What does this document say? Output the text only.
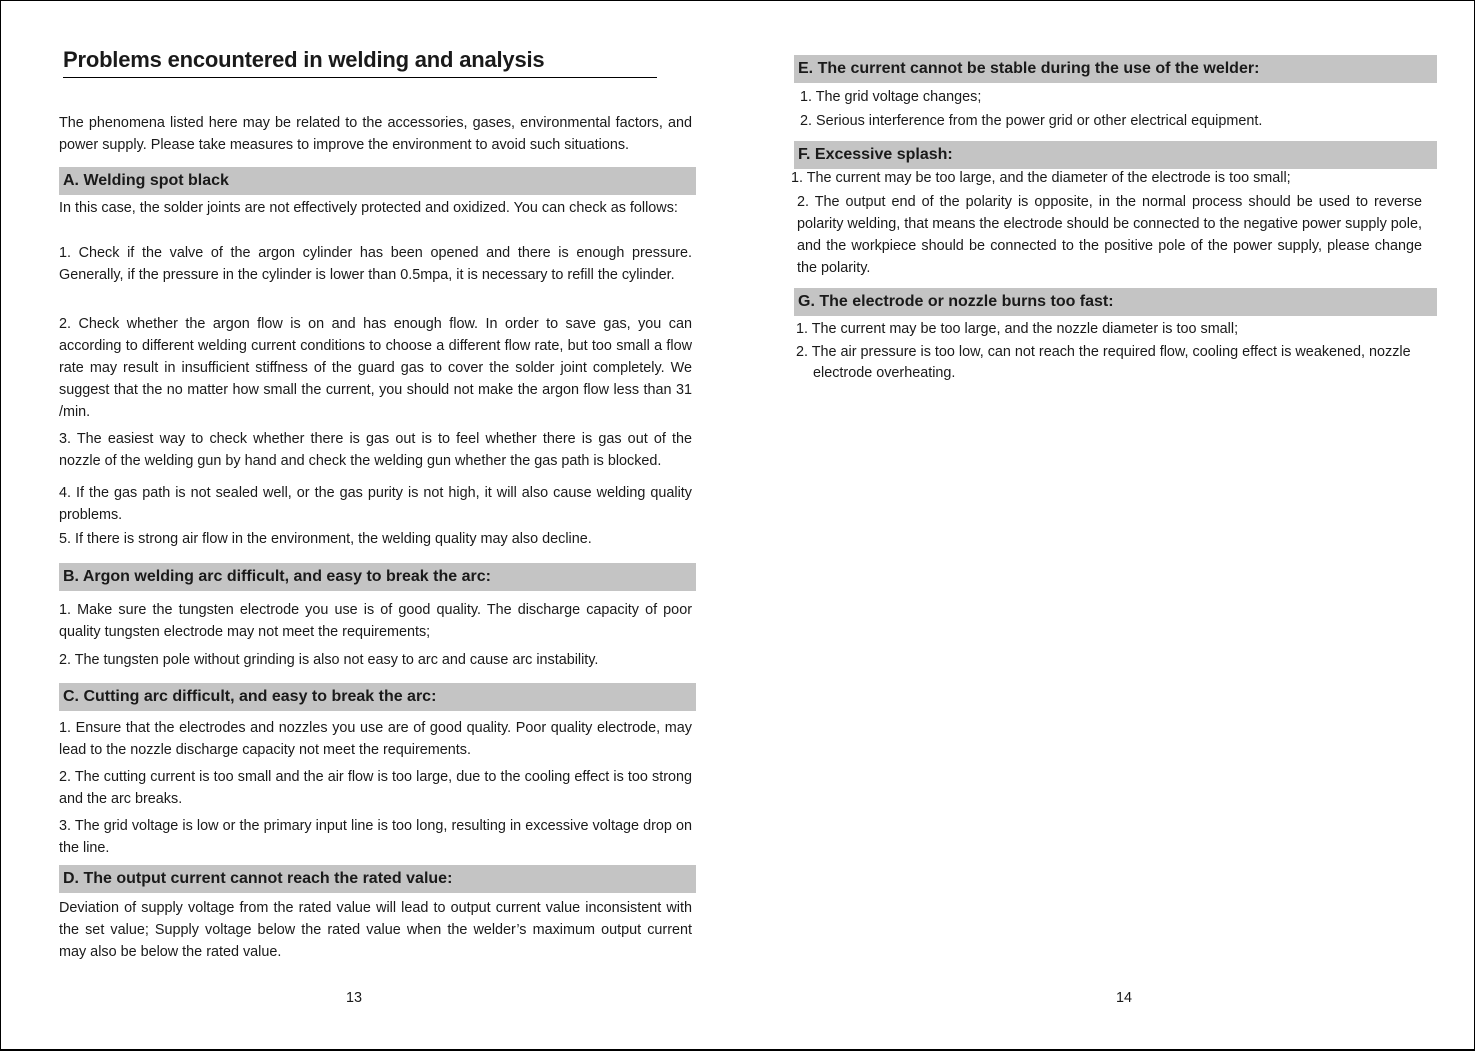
Problems encountered in welding and analysis

The phenomena listed here may be related to the accessories, gases, environmental factors, and power supply. Please take measures to improve the environment to avoid such situations.

A. Welding spot black

In this case, the solder joints are not effectively protected and oxidized. You can check as follows:

1. Check if the valve of the argon cylinder has been opened and there is enough pressure. Generally, if the pressure in the cylinder is lower than 0.5mpa, it is necessary to refill the cylinder.

2. Check whether the argon flow is on and has enough flow. In order to save gas, you can according to different welding current conditions to choose a different flow rate, but too small a flow rate may result in insufficient stiffness of the guard gas to cover the solder joint completely. We suggest that the no matter how small the current, you should not make the argon flow less than 31 /min.

3. The easiest way to check whether there is gas out is to feel whether there is gas out of the nozzle of the welding gun by hand and check the welding gun whether the gas path is blocked.

4. If the gas path is not sealed well, or the gas purity is not high, it will also cause welding quality problems.

5. If there is strong air flow in the environment, the welding quality may also decline.

B. Argon welding arc difficult, and easy to break the arc:

1. Make sure the tungsten electrode you use is of good quality. The discharge capacity of poor quality tungsten electrode may not meet the requirements;

2. The tungsten pole without grinding is also not easy to arc and cause arc instability.

C. Cutting arc difficult, and easy to break the arc:

1. Ensure that the electrodes and nozzles you use are of good quality. Poor quality electrode, may lead to the nozzle discharge capacity not meet the requirements.

2. The cutting current is too small and the air flow is too large, due to the cooling effect is too strong and the arc breaks.

3. The grid voltage is low or the primary input line is too long, resulting in excessive voltage drop on the line.

D. The output current cannot reach the rated value:

Deviation of supply voltage from the rated value will lead to output current value inconsistent with the set value; Supply voltage below the rated value when the welder’s maximum output current may also be below the rated value.

13
E. The current cannot be stable during the use of the welder:

1. The grid voltage changes;

2. Serious interference from the power grid or other electrical equipment.

F. Excessive splash:

1. The current may be too large, and the diameter of the electrode is too small;

2. The output end of the polarity is opposite, in the normal process should be used to reverse polarity welding, that means the electrode should be connected to the negative power supply pole, and the workpiece should be connected to the positive pole of the power supply, please change the polarity.

G. The electrode or nozzle burns too fast:

1. The current may be too large, and the nozzle diameter is too small;

2. The air pressure is too low, can not reach the required flow, cooling effect is weakened, nozzle

electrode overheating.

14
